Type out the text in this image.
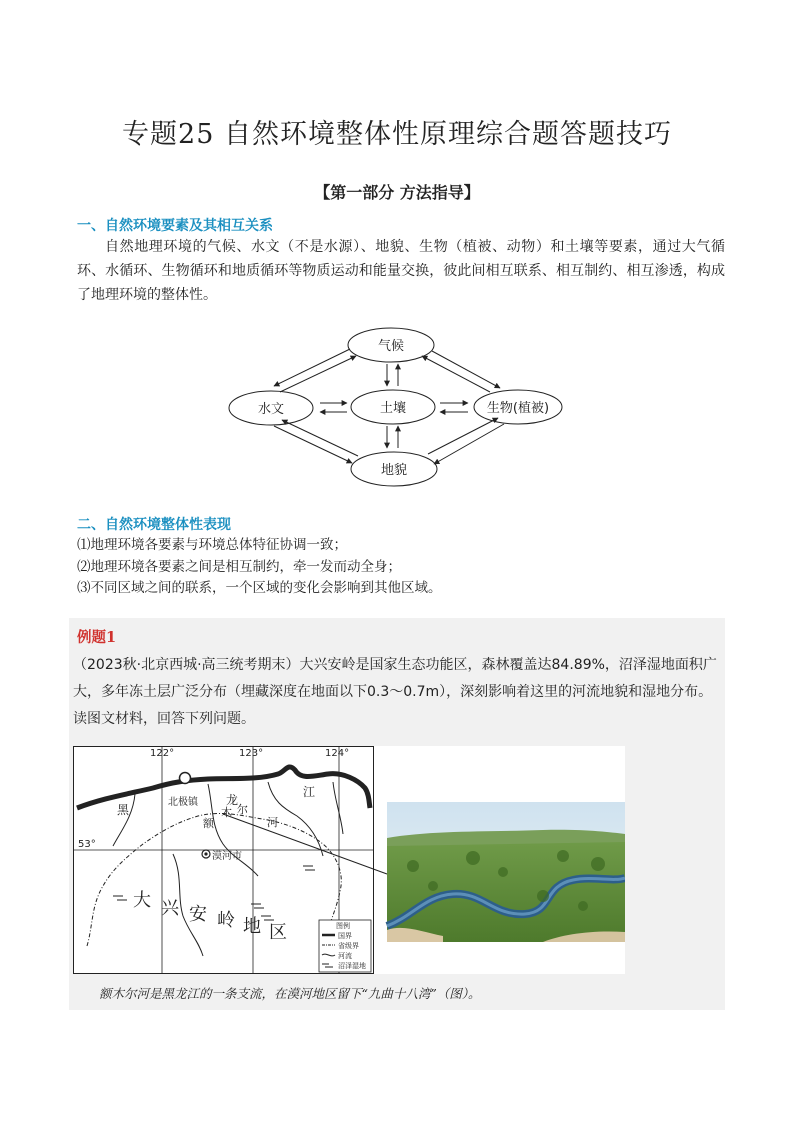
专题25 自然环境整体性原理综合题答题技巧
【第一部分 方法指导】
一、自然环境要素及其相互关系
自然地理环境的气候、水文（不是水源）、地貌、生物（植被、动物）和土壤等要素，通过大气循环、水循环、生物循环和地质循环等物质运动和能量交换，彼此间相互联系、相互制约、相互渗透，构成了地理环境的整体性。
气候
水文	土壤	生物(植被)
地貌
二、自然环境整体性表现
⑴地理环境各要素与环境总体特征协调一致；
⑵地理环境各要素之间是相互制约，牵一发而动全身；
⑶不同区域之间的联系，一个区域的变化会影响到其他区域。
例题1
（2023秋·北京西城·高三统考期末）大兴安岭是国家生态功能区，森林覆盖达84.89%，沼泽湿地面积广大，多年冻土层广泛分布（埋藏深度在地面以下0.3～0.7m），深刻影响着这里的河流地貌和湿地分布。读图文材料，回答下列问题。
122°	123°	124°
53°
北极镇
漠河市
黑
龙
江
额
木 尔
河
大 兴 安 岭 地 区	图例
国界
省级界
河流
沼泽湿地
额木尔河是黑龙江的一条支流，在漠河地区留下“九曲十八湾”（图）。
